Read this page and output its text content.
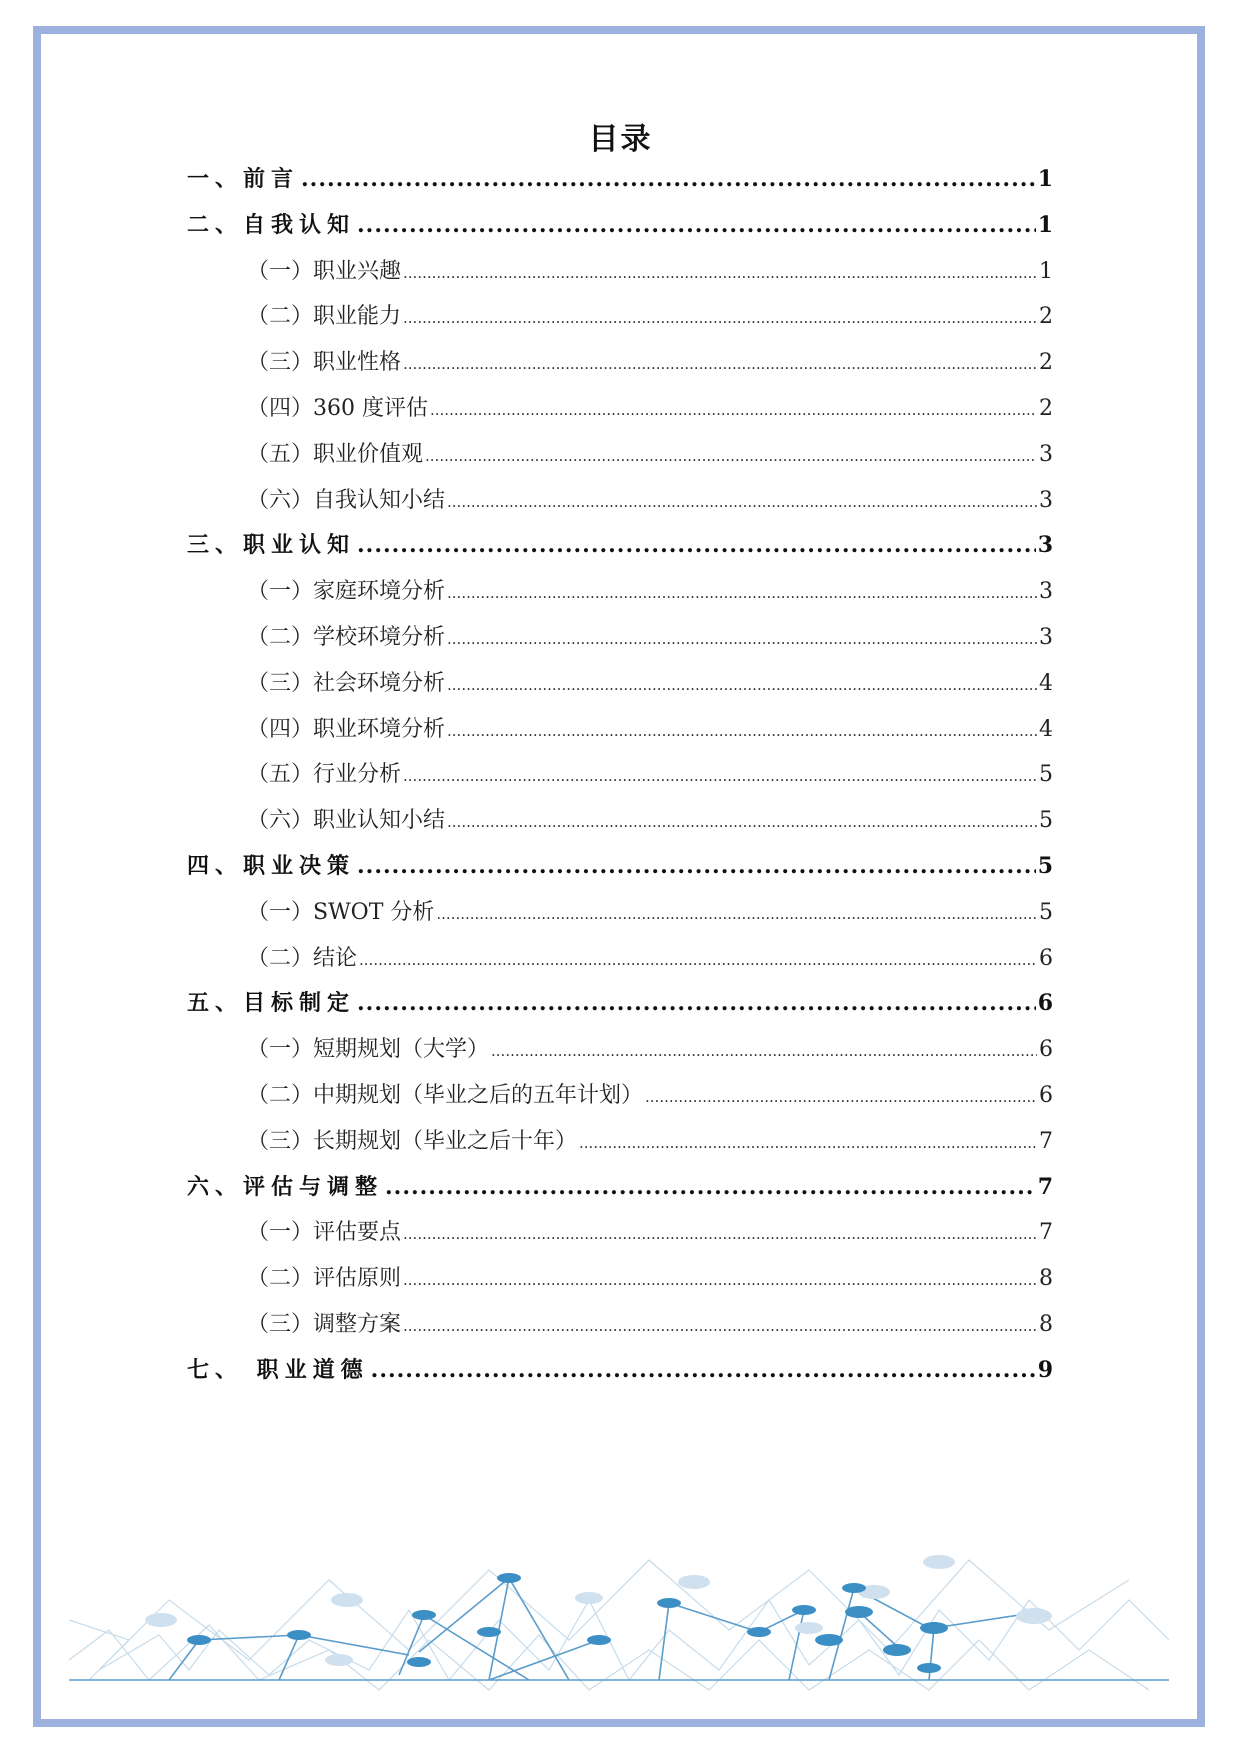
目录
一、前言 .....	1
二、自我认知 .....	1
（一）职业兴趣 .....	1
（二）职业能力 .....	2
（三）职业性格 .....	2
（四）360 度评估 .....	2
（五）职业价值观 .....	3
（六）自我认知小结 .....	3
三、职业认知 .....	3
（一）家庭环境分析 .....	3
（二）学校环境分析 .....	3
（三）社会环境分析 .....	4
（四）职业环境分析 .....	4
（五）行业分析 .....	5
（六）职业认知小结 .....	5
四、职业决策 .....	5
（一）SWOT 分析 .....	5
（二）结论 .....	6
五、目标制定 .....	6
（一）短期规划（大学） .....	6
（二）中期规划（毕业之后的五年计划） .....	6
（三）长期规划（毕业之后十年） .....	7
六、评估与调整 .....	7
（一）评估要点 .....	7
（二）评估原则 .....	8
（三）调整方案 .....	8
七、 职业道德 .....	9
